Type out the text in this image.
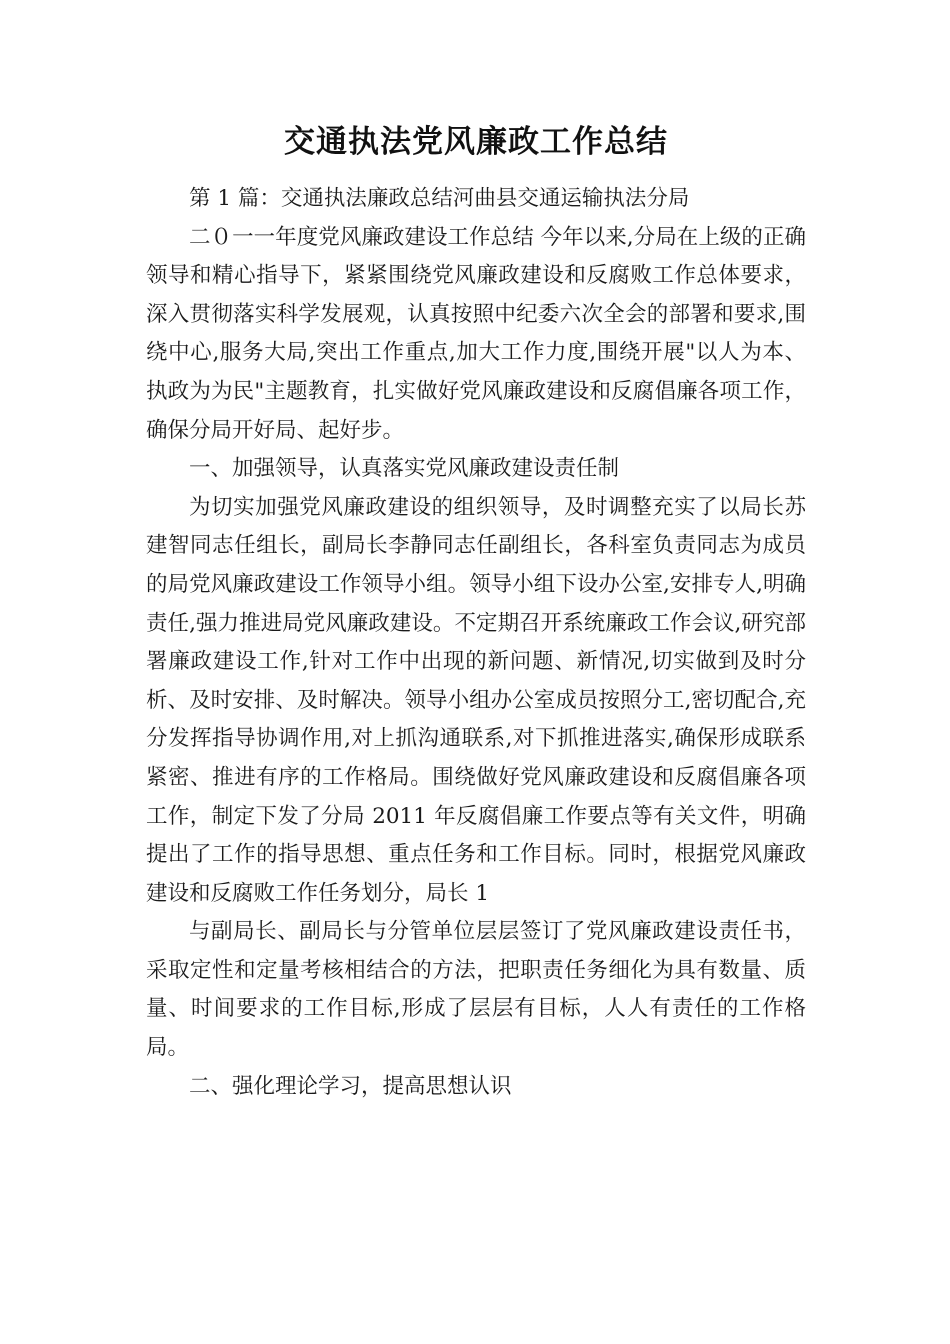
交通执法党风廉政工作总结

第 1 篇：交通执法廉政总结河曲县交通运输执法分局

二０一一年度党风廉政建设工作总结 今年以来,分局在上级的正确领导和精心指导下，紧紧围绕党风廉政建设和反腐败工作总体要求，深入贯彻落实科学发展观，认真按照中纪委六次全会的部署和要求,围绕中心,服务大局,突出工作重点,加大工作力度,围绕开展"以人为本、执政为为民"主题教育，扎实做好党风廉政建设和反腐倡廉各项工作，确保分局开好局、起好步。

一、加强领导，认真落实党风廉政建设责任制

为切实加强党风廉政建设的组织领导，及时调整充实了以局长苏建智同志任组长，副局长李静同志任副组长，各科室负责同志为成员的局党风廉政建设工作领导小组。领导小组下设办公室,安排专人,明确责任,强力推进局党风廉政建设。不定期召开系统廉政工作会议,研究部署廉政建设工作,针对工作中出现的新问题、新情况,切实做到及时分析、及时安排、及时解决。领导小组办公室成员按照分工,密切配合,充分发挥指导协调作用,对上抓沟通联系,对下抓推进落实,确保形成联系紧密、推进有序的工作格局。围绕做好党风廉政建设和反腐倡廉各项工作，制定下发了分局 2011 年反腐倡廉工作要点等有关文件，明确提出了工作的指导思想、重点任务和工作目标。同时，根据党风廉政建设和反腐败工作任务划分，局长 1

与副局长、副局长与分管单位层层签订了党风廉政建设责任书，采取定性和定量考核相结合的方法，把职责任务细化为具有数量、质量、时间要求的工作目标,形成了层层有目标，人人有责任的工作格局。

二、强化理论学习，提高思想认识
